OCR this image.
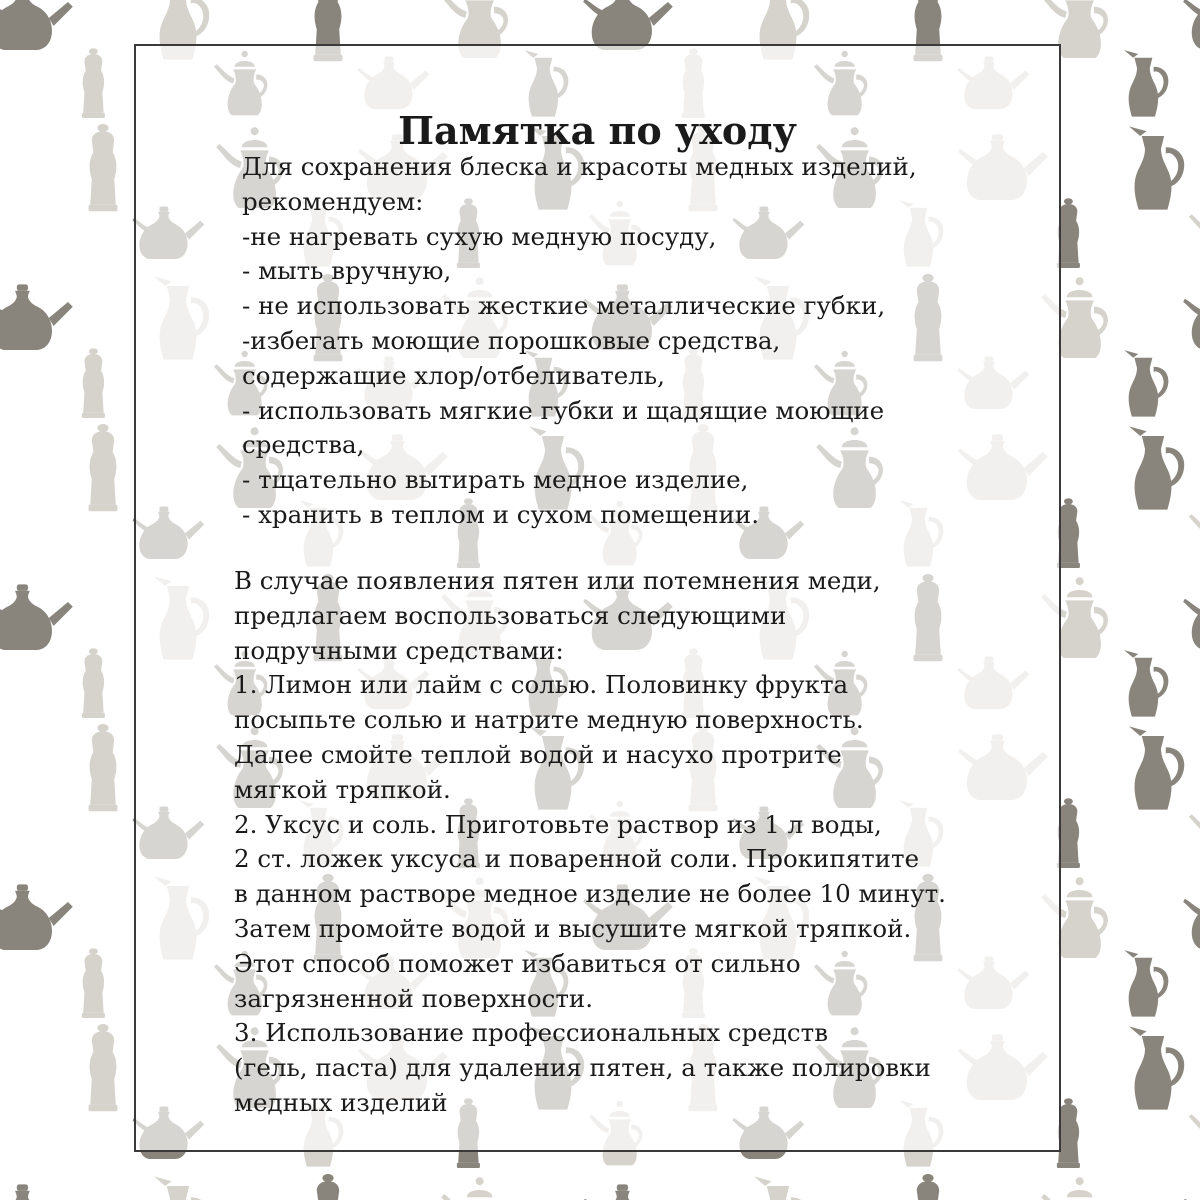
Памятка по уходу
Для сохранения блеска и красоты медных изделий,
рекомендуем:
-не нагревать сухую медную посуду,
- мыть вручную,
- не использовать жесткие металлические губки,
-избегать моющие порошковые средства,
содержащие хлор/отбеливатель,
- использовать мягкие губки и щадящие моющие
средства,
- тщательно вытирать медное изделие,
- хранить в теплом и сухом помещении.
В случае появления пятен или потемнения меди,
предлагаем воспользоваться следующими
подручными средствами:
1. Лимон или лайм с солью. Половинку фрукта
посыпьте солью и натрите медную поверхность.
Далее смойте теплой водой и насухо протрите
мягкой тряпкой.
2. Уксус и соль. Приготовьте раствор из 1 л воды,
2 ст. ложек уксуса и поваренной соли. Прокипятите
в данном растворе медное изделие не более 10 минут.
Затем промойте водой и высушите мягкой тряпкой.
Этот способ поможет избавиться от сильно
загрязненной поверхности.
3. Использование профессиональных средств
(гель, паста) для удаления пятен, а также полировки
медных изделий
